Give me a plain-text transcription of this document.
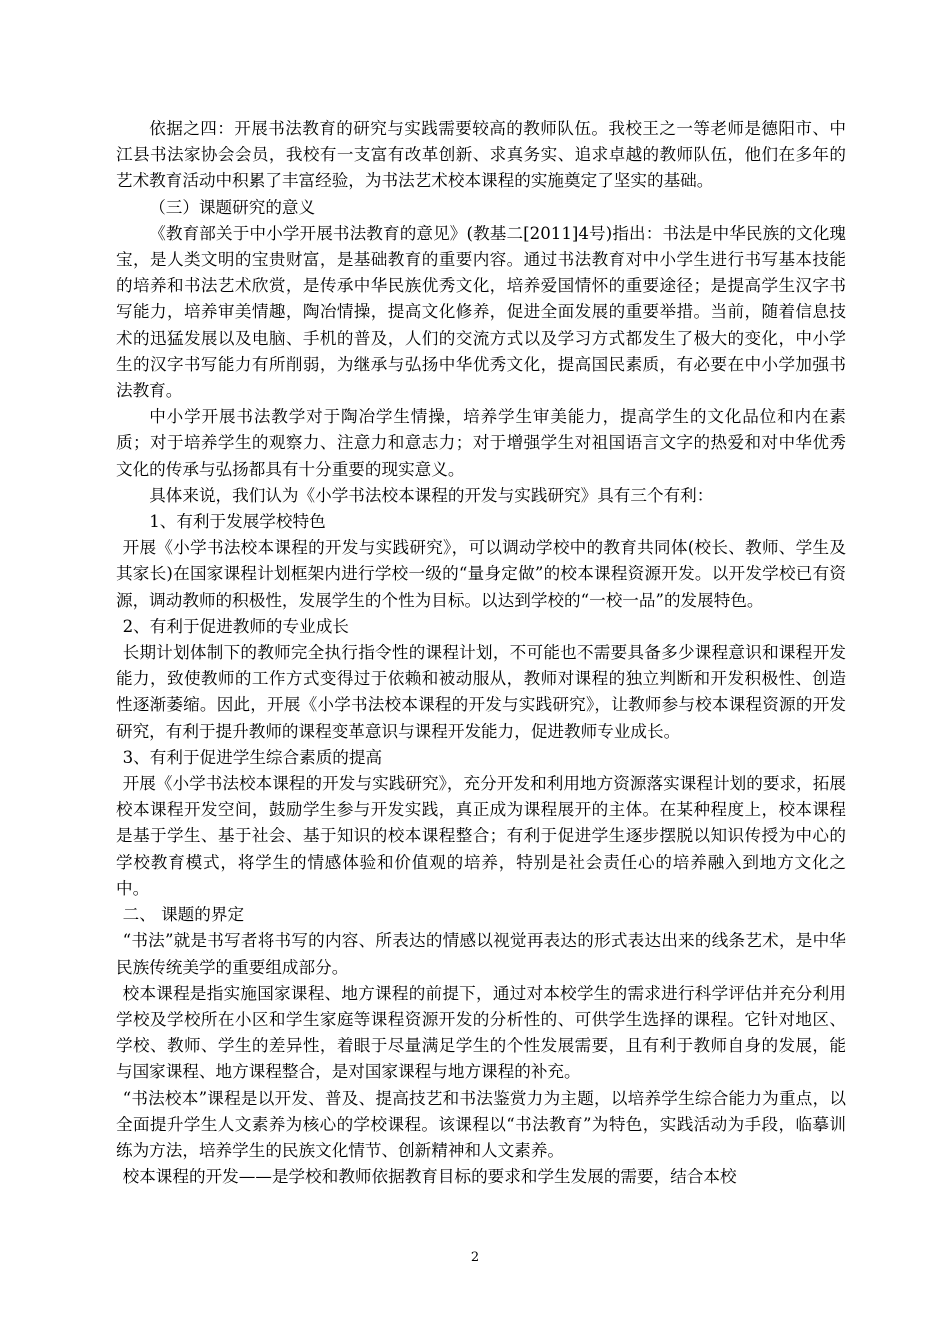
依据之四：开展书法教育的研究与实践需要较高的教师队伍。我校王之一等老师是德阳市、中江县书法家协会会员，我校有一支富有改革创新、求真务实、追求卓越的教师队伍，他们在多年的艺术教育活动中积累了丰富经验，为书法艺术校本课程的实施奠定了坚实的基础。

（三）课题研究的意义

《教育部关于中小学开展书法教育的意见》(教基二[2011]4号)指出：书法是中华民族的文化瑰宝，是人类文明的宝贵财富，是基础教育的重要内容。通过书法教育对中小学生进行书写基本技能的培养和书法艺术欣赏，是传承中华民族优秀文化，培养爱国情怀的重要途径；是提高学生汉字书写能力，培养审美情趣，陶冶情操，提高文化修养，促进全面发展的重要举措。当前，随着信息技术的迅猛发展以及电脑、手机的普及，人们的交流方式以及学习方式都发生了极大的变化，中小学生的汉字书写能力有所削弱，为继承与弘扬中华优秀文化，提高国民素质，有必要在中小学加强书法教育。

中小学开展书法教学对于陶冶学生情操，培养学生审美能力，提高学生的文化品位和内在素质；对于培养学生的观察力、注意力和意志力；对于增强学生对祖国语言文字的热爱和对中华优秀文化的传承与弘扬都具有十分重要的现实意义。

具体来说，我们认为《小学书法校本课程的开发与实践研究》具有三个有利：

1、有利于发展学校特色

开展《小学书法校本课程的开发与实践研究》，可以调动学校中的教育共同体(校长、教师、学生及其家长)在国家课程计划框架内进行学校一级的“量身定做”的校本课程资源开发。以开发学校已有资源，调动教师的积极性，发展学生的个性为目标。以达到学校的“一校一品”的发展特色。

2、有利于促进教师的专业成长

长期计划体制下的教师完全执行指令性的课程计划，不可能也不需要具备多少课程意识和课程开发能力，致使教师的工作方式变得过于依赖和被动服从，教师对课程的独立判断和开发积极性、创造性逐渐萎缩。因此，开展《小学书法校本课程的开发与实践研究》，让教师参与校本课程资源的开发研究，有利于提升教师的课程变革意识与课程开发能力，促进教师专业成长。

3、有利于促进学生综合素质的提高

开展《小学书法校本课程的开发与实践研究》，充分开发和利用地方资源落实课程计划的要求，拓展校本课程开发空间，鼓励学生参与开发实践，真正成为课程展开的主体。在某种程度上，校本课程是基于学生、基于社会、基于知识的校本课程整合；有利于促进学生逐步摆脱以知识传授为中心的学校教育模式，将学生的情感体验和价值观的培养，特别是社会责任心的培养融入到地方文化之中。

二、 课题的界定

“书法”就是书写者将书写的内容、所表达的情感以视觉再表达的形式表达出来的线条艺术，是中华民族传统美学的重要组成部分。

校本课程是指实施国家课程、地方课程的前提下，通过对本校学生的需求进行科学评估并充分利用学校及学校所在小区和学生家庭等课程资源开发的分析性的、可供学生选择的课程。它针对地区、学校、教师、学生的差异性，着眼于尽量满足学生的个性发展需要，且有利于教师自身的发展，能与国家课程、地方课程整合，是对国家课程与地方课程的补充。

“书法校本”课程是以开发、普及、提高技艺和书法鉴赏力为主题，以培养学生综合能力为重点，以全面提升学生人文素养为核心的学校课程。该课程以“书法教育”为特色，实践活动为手段，临摹训练为方法，培养学生的民族文化情节、创新精神和人文素养。

校本课程的开发——是学校和教师依据教育目标的要求和学生发展的需要，结合本校

2
